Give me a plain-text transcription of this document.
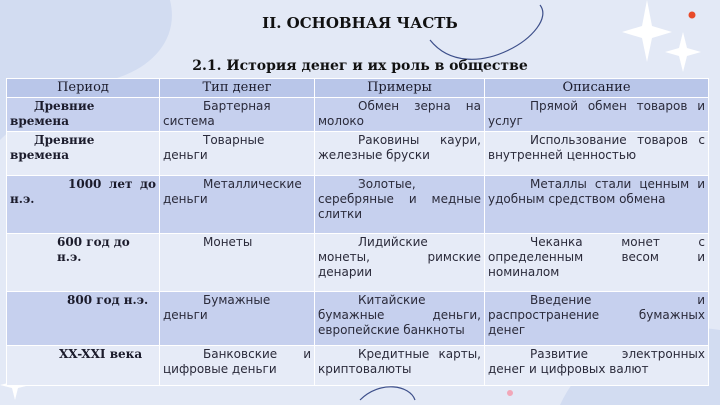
II. ОСНОВНАЯ ЧАСТЬ
2.1. История денег и их роль в обществе
Период	Тип денег	Примеры	Описание
Древние времена	Бартерная система	Обмен зерна на молоко	Прямой обмен товаров и услуг
Древние времена	Товарные деньги	Раковины каури, железные бруски	Использование товаров с внутренней ценностью
1000 лет до н.э.	Металлические деньги	Золотые, серебряные и медные слитки	Металлы стали ценным и удобным средством обмена
600 год до н.э.	Монеты	Лидийские монеты, римские денарии	Чеканка монет с определенным весом и номиналом
800 год н.э.	Бумажные деньги	Китайские бумажные деньги, европейские банкноты	Введение и распространение бумажных денег
XX-XXI века	Банковские и цифровые деньги	Кредитные карты, криптовалюты	Развитие электронных денег и цифровых валют
